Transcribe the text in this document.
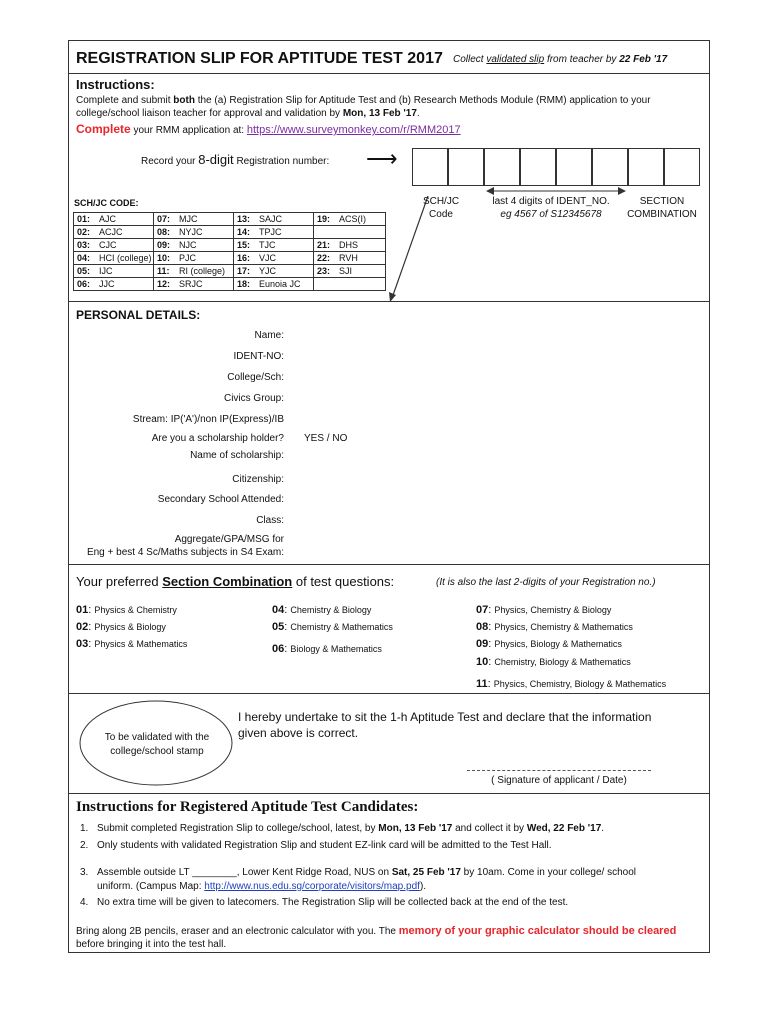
REGISTRATION SLIP FOR APTITUDE TEST 2017 Collect validated slip from teacher by 22 Feb '17
Instructions:
Complete and submit both the (a) Registration Slip for Aptitude Test and (b) Research Methods Module (RMM) application to your
college/school liaison teacher for approval and validation by Mon, 13 Feb '17.
Complete your RMM application at: https://www.surveymonkey.com/r/RMM2017
Record your 8-digit Registration number: ⟶
SCH/JC
Code
last 4 digits of IDENT_NO.
eg 4567 of S12345678
SECTION
COMBINATION
SCH/JC CODE:
01: AJC	07: MJC	13: SAJC	19: ACS(I)
02: ACJC	08: NYJC	14: TPJC	
03: CJC	09: NJC	15: TJC	21: DHS
04: HCI (college)	10: PJC	16: VJC	22: RVH
05: IJC	11: RI (college)	17: YJC	23: SJI
06: JJC	12: SRJC	18: Eunoia JC	
PERSONAL DETAILS:
Name:
IDENT-NO:
College/Sch:
Civics Group:
Stream: IP('A')/non IP(Express)/IB
Are you a scholarship holder? YES / NO
Name of scholarship:
Citizenship:
Secondary School Attended:
Class:
Aggregate/GPA/MSG for
Eng + best 4 Sc/Maths subjects in S4 Exam:
Your preferred Section Combination of test questions:	(It is also the last 2-digits of your Registration no.)
01: Physics & Chemistry
02: Physics & Biology
03: Physics & Mathematics
04: Chemistry & Biology
05: Chemistry & Mathematics
06: Biology & Mathematics
07: Physics, Chemistry & Biology
08: Physics, Chemistry & Mathematics
09: Physics, Biology & Mathematics
10: Chemistry, Biology & Mathematics
11: Physics, Chemistry, Biology & Mathematics
To be validated with the
college/school stamp
I hereby undertake to sit the 1-h Aptitude Test and declare that the information
given above is correct.
( Signature of applicant / Date)
Instructions for Registered Aptitude Test Candidates:
1. Submit completed Registration Slip to college/school, latest, by Mon, 13 Feb '17 and collect it by Wed, 22 Feb '17.
2. Only students with validated Registration Slip and student EZ-link card will be admitted to the Test Hall.
3. Assemble outside LT ________, Lower Kent Ridge Road, NUS on Sat, 25 Feb '17 by 10am. Come in your college/ school
uniform. (Campus Map: http://www.nus.edu.sg/corporate/visitors/map.pdf).
4. No extra time will be given to latecomers. The Registration Slip will be collected back at the end of the test.
Bring along 2B pencils, eraser and an electronic calculator with you. The memory of your graphic calculator should be cleared
before bringing it into the test hall.
